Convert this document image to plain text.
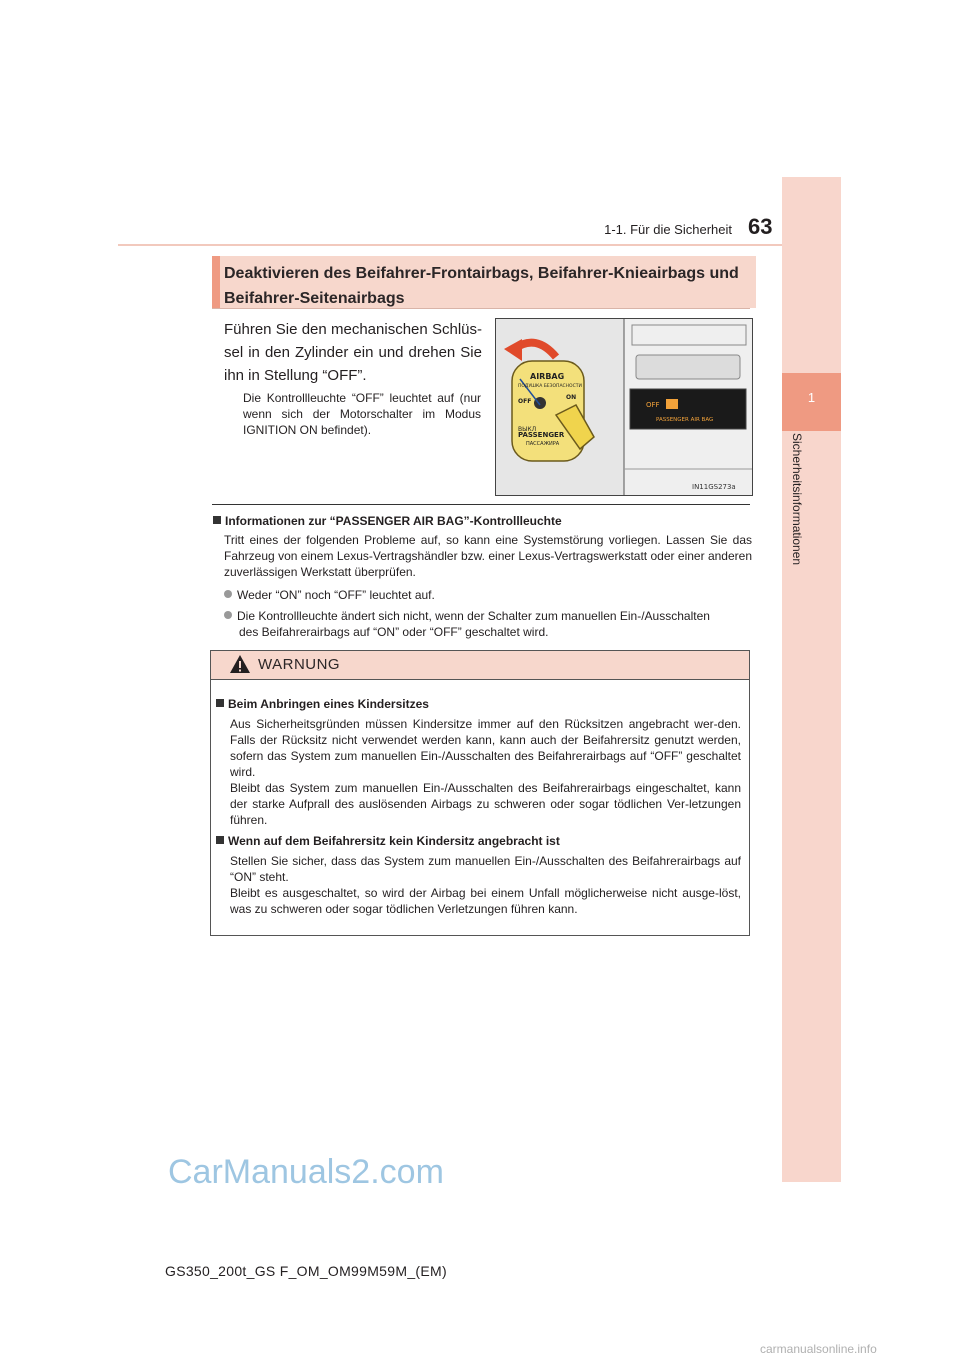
1-1. Für die Sicherheit 63
1
Sicherheitsinformationen
Deaktivieren des Beifahrer-Frontairbags, Beifahrer-Knieairbags und Beifahrer-Seitenairbags
Führen Sie den mechanischen Schlüs-sel in den Zylinder ein und drehen Sie ihn in Stellung “OFF”.
Die Kontrollleuchte “OFF” leuchtet auf (nur wenn sich der Motorschalter im Modus IGNITION ON befindet).
AIRBAG
ПОДУШКА БЕЗОПАСНОСТИ
OFF
ON
ВЫКЛ
PASSENGER
ПАССАЖИРА
OFF
PASSENGER AIR BAG
IN11GS273a
Informationen zur “PASSENGER AIR BAG”-Kontrollleuchte
Tritt eines der folgenden Probleme auf, so kann eine Systemstörung vorliegen. Lassen Sie das Fahrzeug von einem Lexus-Vertragshändler bzw. einer Lexus-Vertragswerkstatt oder einer anderen zuverlässigen Werkstatt überprüfen.
Weder “ON” noch “OFF” leuchtet auf.
Die Kontrollleuchte ändert sich nicht, wenn der Schalter zum manuellen Ein-/Ausschalten
des Beifahrerairbags auf “ON” oder “OFF” geschaltet wird.
WARNUNG
Beim Anbringen eines Kindersitzes
Aus Sicherheitsgründen müssen Kindersitze immer auf den Rücksitzen angebracht wer-den. Falls der Rücksitz nicht verwendet werden kann, kann auch der Beifahrersitz genutzt werden, sofern das System zum manuellen Ein-/Ausschalten des Beifahrerairbags auf “OFF” geschaltet wird.
Bleibt das System zum manuellen Ein-/Ausschalten des Beifahrerairbags eingeschaltet, kann der starke Aufprall des auslösenden Airbags zu schweren oder sogar tödlichen Ver-letzungen führen.
Wenn auf dem Beifahrersitz kein Kindersitz angebracht ist
Stellen Sie sicher, dass das System zum manuellen Ein-/Ausschalten des Beifahrerairbags auf “ON” steht.
Bleibt es ausgeschaltet, so wird der Airbag bei einem Unfall möglicherweise nicht ausge-löst, was zu schweren oder sogar tödlichen Verletzungen führen kann.
CarManuals2.com
GS350_200t_GS F_OM_OM99M59M_(EM)
carmanualsonline.info
